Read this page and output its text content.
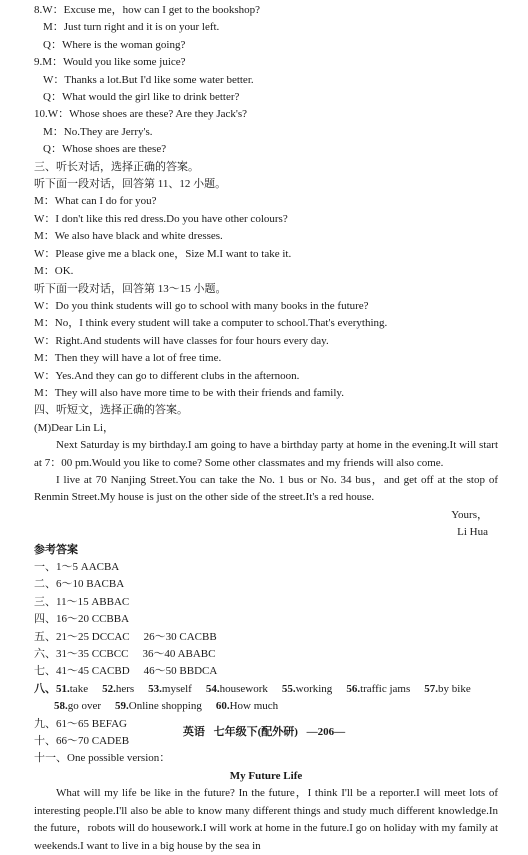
8.W：Excuse me，how can I get to the bookshop?
M：Just turn right and it is on your left.
Q：Where is the woman going?
9.M：Would you like some juice?
W：Thanks a lot.But I'd like some water better.
Q：What would the girl like to drink better?
10.W：Whose shoes are these? Are they Jack's?
M：No.They are Jerry's.
Q：Whose shoes are these?
三、听长对话，选择正确的答案。
听下面一段对话，回答第 11、12 小题。
M：What can I do for you?
W：I don't like this red dress.Do you have other colours?
M：We also have black and white dresses.
W：Please give me a black one，Size M.I want to take it.
M：OK.
听下面一段对话，回答第 13～15 小题。
W：Do you think students will go to school with many books in the future?
M：No，I think every student will take a computer to school.That's everything.
W：Right.And students will have classes for four hours every day.
M：Then they will have a lot of free time.
W：Yes.And they can go to different clubs in the afternoon.
M：They will also have more time to be with their friends and family.
四、听短文，选择正确的答案。
(M)Dear Lin Li，
Next Saturday is my birthday.I am going to have a birthday party at home in the evening.It will start at 7：00 pm.Would you like to come? Some other classmates and my friends will also come.
I live at 70 Nanjing Street.You can take the No. 1 bus or No. 34 bus，and get off at the stop of Renmin Street.My house is just on the other side of the street.It's a red house.
Yours，
Li Hua
参考答案
一、1～5 AACBA
二、6～10 BACBA
三、11～15 ABBAC
四、16～20 CCBBA
五、21～25 DCCAC 26～30 CACBB
六、31～35 CCBCC 36～40 ABABC
七、41～45 CACBD 46～50 BBDCA
八、51.take 52.hers 53.myself 54.housework 55.working 56.traffic jams 57.by bike
58.go over 59.Online shopping 60.How much
九、61～65 BEFAG
十、66～70 CADEB
十一、One possible version：
My Future Life
What will my life be like in the future? In the future，I think I'll be a reporter.I will meet lots of interesting people.I'll also be able to know many different things and study much different knowledge.In the future，robots will do housework.I will work at home in the future.I go on holiday with my family at weekends.I want to live in a big house by the sea in
英语 七年级下(配外研) —206—
